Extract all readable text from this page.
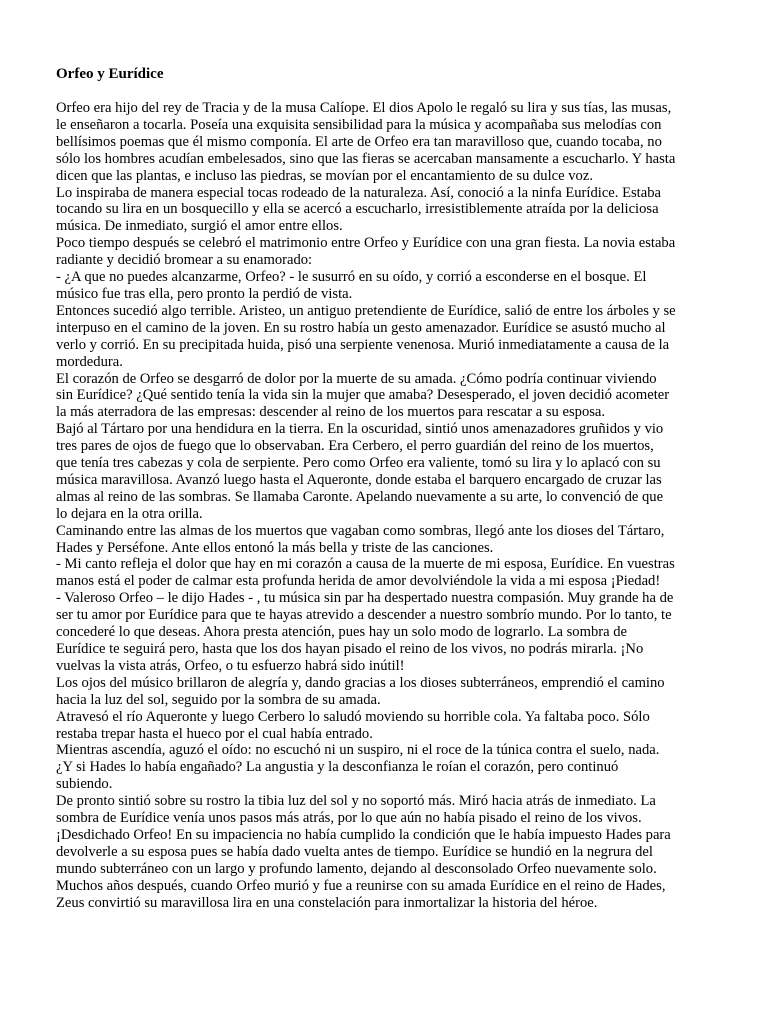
Orfeo y Eurídice

Orfeo era hijo del rey de Tracia y de la musa Calíope. El dios Apolo le regaló su lira y sus tías, las musas,
le enseñaron a tocarla. Poseía una exquisita sensibilidad para la música y acompañaba sus melodías con
bellísimos poemas que él mismo componía. El arte de Orfeo era tan maravilloso que, cuando tocaba, no
sólo los hombres acudían embelesados, sino que las fieras se acercaban mansamente a escucharlo. Y hasta
dicen que las plantas, e incluso las piedras, se movían por el encantamiento de su dulce voz.

Lo inspiraba de manera especial tocas rodeado de la naturaleza. Así, conoció a la ninfa Eurídice. Estaba
tocando su lira en un bosquecillo y ella se acercó a escucharlo, irresistiblemente atraída por la deliciosa
música. De inmediato, surgió el amor entre ellos.

Poco tiempo después se celebró el matrimonio entre Orfeo y Eurídice con una gran fiesta. La novia estaba
radiante y decidió bromear a su enamorado:

- ¿A que no puedes alcanzarme, Orfeo? - le susurró en su oído, y corrió a esconderse en el bosque. El
músico fue tras ella, pero pronto la perdió de vista.

Entonces sucedió algo terrible. Aristeo, un antiguo pretendiente de Eurídice, salió de entre los árboles y se
interpuso en el camino de la joven. En su rostro había un gesto amenazador. Eurídice se asustó mucho al
verlo y corrió. En su precipitada huida, pisó una serpiente venenosa. Murió inmediatamente a causa de la
mordedura.

El corazón de Orfeo se desgarró de dolor por la muerte de su amada. ¿Cómo podría continuar viviendo
sin Eurídice? ¿Qué sentido tenía la vida sin la mujer que amaba? Desesperado, el joven decidió acometer
la más aterradora de las empresas: descender al reino de los muertos para rescatar a su esposa.

Bajó al Tártaro por una hendidura en la tierra. En la oscuridad, sintió unos amenazadores gruñidos y vio
tres pares de ojos de fuego que lo observaban. Era Cerbero, el perro guardián del reino de los muertos,
que tenía tres cabezas y cola de serpiente. Pero como Orfeo era valiente, tomó su lira y lo aplacó con su
música maravillosa. Avanzó luego hasta el Aqueronte, donde estaba el barquero encargado de cruzar las
almas al reino de las sombras. Se llamaba Caronte. Apelando nuevamente a su arte, lo convenció de que
lo dejara en la otra orilla.

Caminando entre las almas de los muertos que vagaban como sombras, llegó ante los dioses del Tártaro,
Hades y Perséfone. Ante ellos entonó la más bella y triste de las canciones.

- Mi canto refleja el dolor que hay en mi corazón a causa de la muerte de mi esposa, Eurídice. En vuestras
manos está el poder de calmar esta profunda herida de amor devolviéndole la vida a mi esposa ¡Piedad!

- Valeroso Orfeo – le dijo Hades - , tu música sin par ha despertado nuestra compasión. Muy grande ha de
ser tu amor por Eurídice para que te hayas atrevido a descender a nuestro sombrío mundo. Por lo tanto, te
concederé lo que deseas. Ahora presta atención, pues hay un solo modo de lograrlo. La sombra de
Eurídice te seguirá pero, hasta que los dos hayan pisado el reino de los vivos, no podrás mirarla. ¡No
vuelvas la vista atrás, Orfeo, o tu esfuerzo habrá sido inútil!

Los ojos del músico brillaron de alegría y, dando gracias a los dioses subterráneos, emprendió el camino
hacia la luz del sol, seguido por la sombra de su amada.

Atravesó el río Aqueronte y luego Cerbero lo saludó moviendo su horrible cola. Ya faltaba poco. Sólo
restaba trepar hasta el hueco por el cual había entrado.

Mientras ascendía, aguzó el oído: no escuchó ni un suspiro, ni el roce de la túnica contra el suelo, nada.
¿Y si Hades lo había engañado? La angustia y la desconfianza le roían el corazón, pero continuó
subiendo.

De pronto sintió sobre su rostro la tibia luz del sol y no soportó más. Miró hacia atrás de inmediato. La
sombra de Eurídice venía unos pasos más atrás, por lo que aún no había pisado el reino de los vivos.
¡Desdichado Orfeo! En su impaciencia no había cumplido la condición que le había impuesto Hades para
devolverle a su esposa pues se había dado vuelta antes de tiempo. Eurídice se hundió en la negrura del
mundo subterráneo con un largo y profundo lamento, dejando al desconsolado Orfeo nuevamente solo.

Muchos años después, cuando Orfeo murió y fue a reunirse con su amada Eurídice en el reino de Hades,
Zeus convirtió su maravillosa lira en una constelación para inmortalizar la historia del héroe.
